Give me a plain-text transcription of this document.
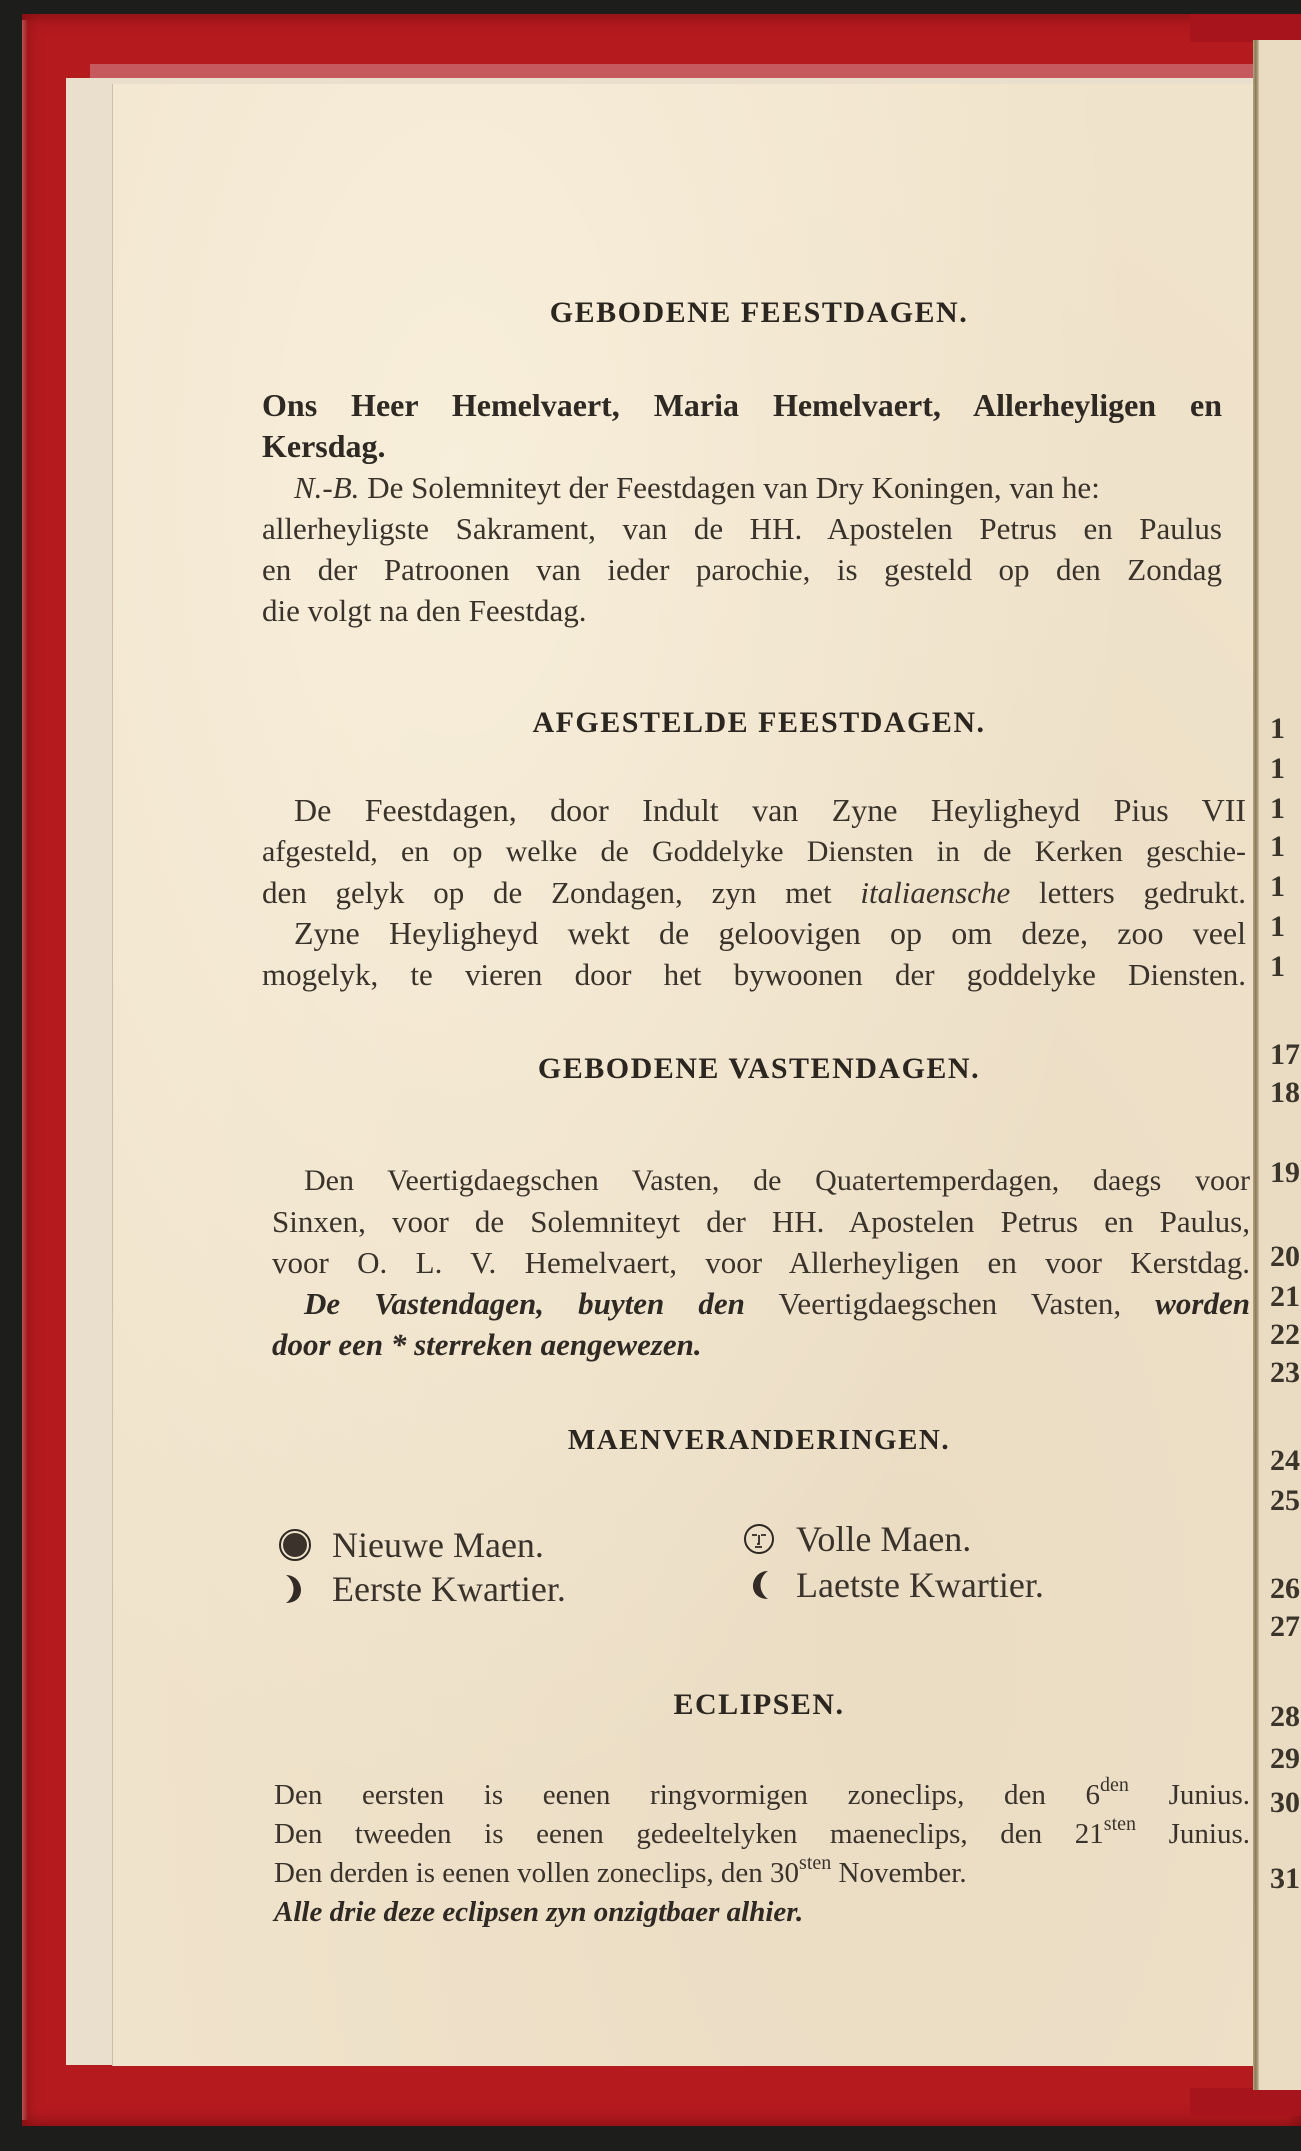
GEBODENE FEESTDAGEN.
Ons Heer Hemelvaert, Maria Hemelvaert, Allerheyligen en
Kersdag.
N.-B. De Solemniteyt der Feestdagen van Dry Koningen, van he:
allerheyligste Sakrament, van de HH. Apostelen Petrus en Paulus
en der Patroonen van ieder parochie, is gesteld op den Zondag
die volgt na den Feestdag.
AFGESTELDE FEESTDAGEN.
De Feestdagen, door Indult van Zyne Heyligheyd Pius VII
afgesteld, en op welke de Goddelyke Diensten in de Kerken geschie-
den gelyk op de Zondagen, zyn met italiaensche letters gedrukt.
Zyne Heyligheyd wekt de geloovigen op om deze, zoo veel
mogelyk, te vieren door het bywoonen der goddelyke Diensten.
GEBODENE VASTENDAGEN.
Den Veertigdaegschen Vasten, de Quatertemperdagen, daegs voor
Sinxen, voor de Solemniteyt der HH. Apostelen Petrus en Paulus,
voor O. L. V. Hemelvaert, voor Allerheyligen en voor Kerstdag.
De Vastendagen, buyten den Veertigdaegschen Vasten, worden
door een * sterreken aengewezen.
MAENVERANDERINGEN.
Nieuwe Maen.	Volle Maen.
Eerste Kwartier.	Laetste Kwartier.
ECLIPSEN.
Den eersten is eenen ringvormigen zoneclips, den $6^{den}$ Junius.
Den tweeden is eenen gedeeltelyken maeneclips, den $21^{sten}$ Junius.
Den derden is eenen vollen zoneclips, den $30^{sten}$ November.
Alle drie deze eclipsen zyn onzigtbaer alhier.
1
1
1
1
1
1
1
17
18
19
20
21
22
23
24
25
26
27
28
29
30
31
